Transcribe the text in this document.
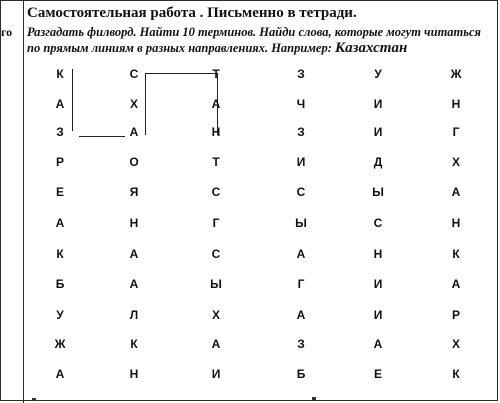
го
Самостоятельная работа . Письменно в тетради.
Разгадать филворд. Найти 10 терминов. Найди слова, которые могут читаться по прямым линиям в разных направлениях. Например: Казахстан
К	С	Т	З	У	Ж
А	Х	А	Ч	И	Н
З	А	Н	З	И	Г
Р	О	Т	И	Д	Х
Е	Я	С	С	Ы	А
А	Н	Г	Ы	С	Н
К	А	С	А	Н	К
Б	А	Ы	Г	И	А
У	Л	Х	А	И	Р
Ж	К	А	З	А	Х
А	Н	И	Б	Е	К
